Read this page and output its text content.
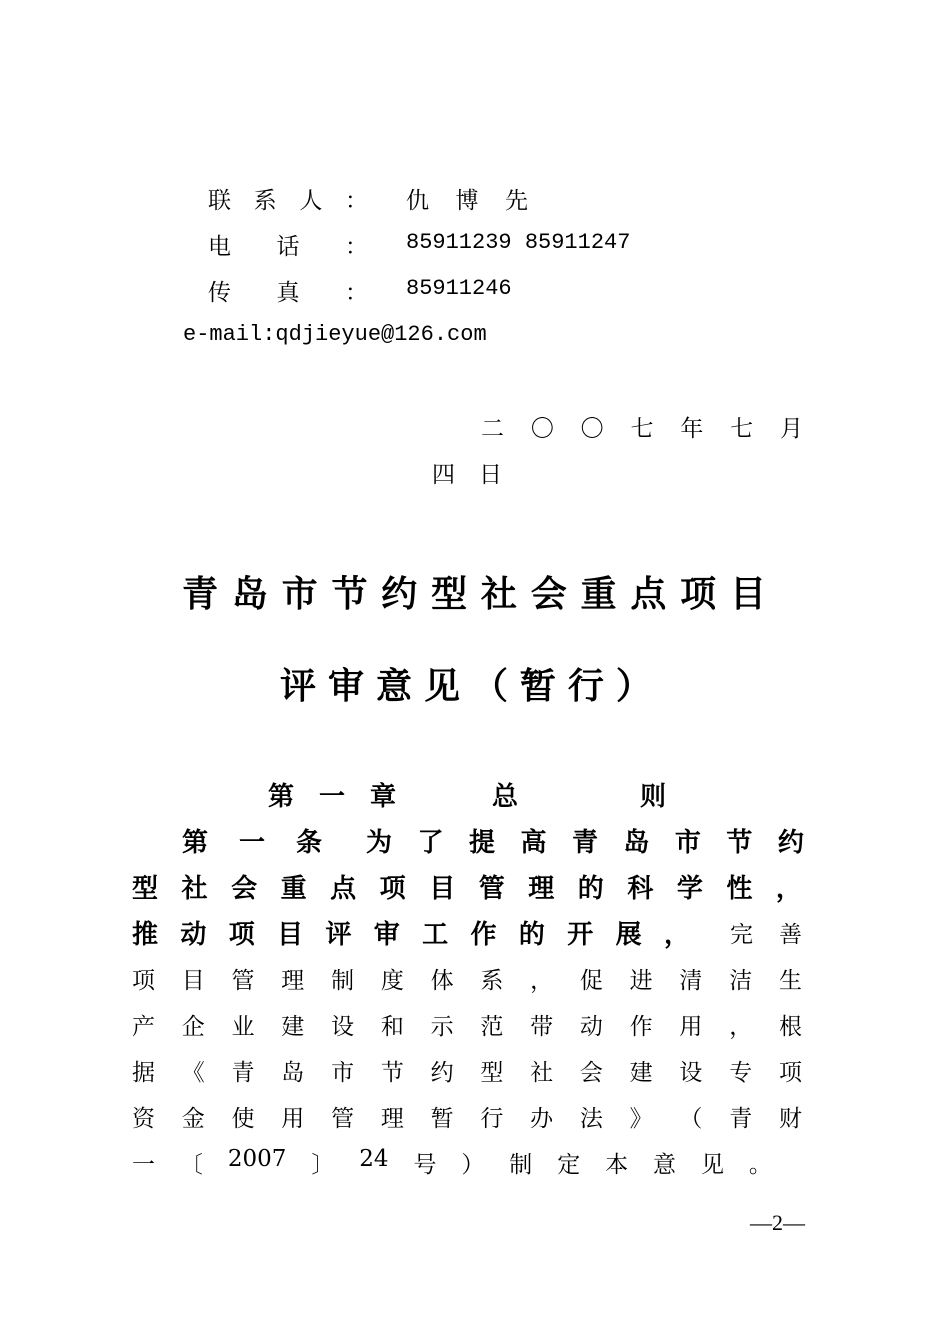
联 系 人 ： 仇 博 先
电 话 ： 85911239 85911247
传 真 ： 85911246
e-mail:qdjieyue@126.com
二 〇 〇 七 年 七 月
四 日
青 岛 市 节 约 型 社 会 重 点 项 目
评 审 意 见 （ 暂 行 ）
第 一 章	总	则
第 一 条 为 了 提 高 青 岛 市 节 约
型 社 会 重 点 项 目 管 理 的 科 学 性 ，
推 动 项 目 评 审 工 作 的 开 展 ， 完 善
项 目 管 理 制 度 体 系 ， 促 进 清 洁 生
产 企 业 建 设 和 示 范 带 动 作 用 ， 根
据 《 青 岛 市 节 约 型 社 会 建 设 专 项
资 金 使 用 管 理 暂 行 办 法 》 （ 青 财
一 〔 2007 〕 24 号 ） 制 定 本 意 见 。
—2—
